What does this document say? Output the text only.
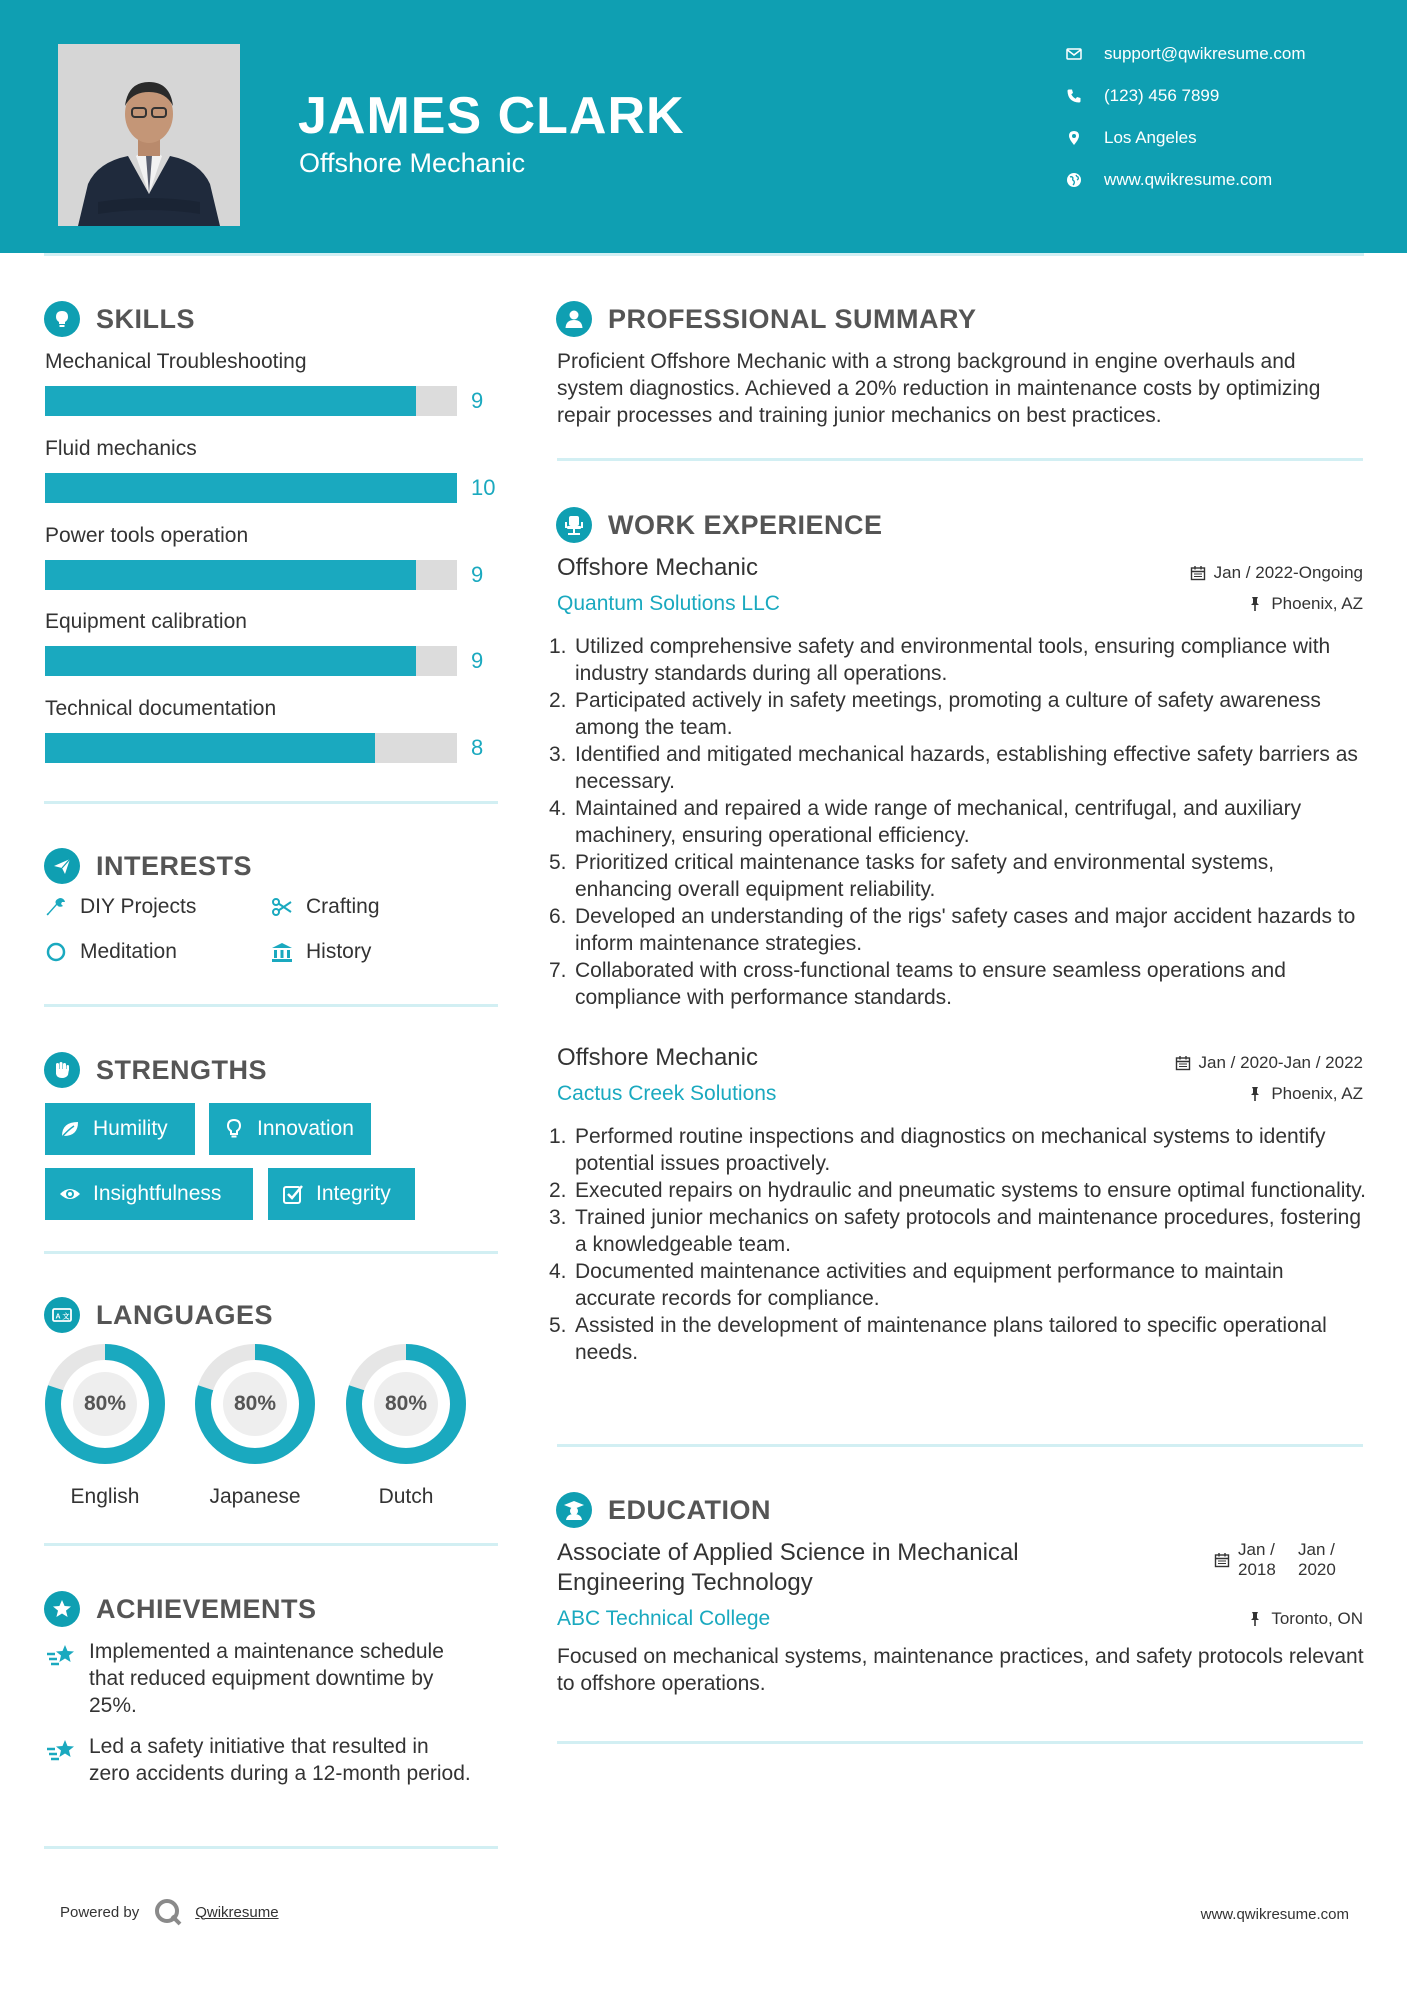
JAMES CLARK
Offshore Mechanic
support@qwikresume.com
(123) 456 7899
Los Angeles
www.qwikresume.com
SKILLS
Mechanical Troubleshooting
9
Fluid mechanics
10
Power tools operation
9
Equipment calibration
9
Technical documentation
8
INTERESTS
DIY Projects	Crafting
Meditation	History
STRENGTHS
Humility	Innovation
Insightfulness	Integrity
A 文 LANGUAGES
80%
English
80%
Japanese
80%
Dutch
ACHIEVEMENTS
Implemented a maintenance schedule that reduced equipment downtime by 25%.
Led a safety initiative that resulted in zero accidents during a 12-month period.
PROFESSIONAL SUMMARY
Proficient Offshore Mechanic with a strong background in engine overhauls and system diagnostics. Achieved a 20% reduction in maintenance costs by optimizing repair processes and training junior mechanics on best practices.
WORK EXPERIENCE
Offshore Mechanic	Jan / 2022-Ongoing
Quantum Solutions LLC	Phoenix, AZ
1. Utilized comprehensive safety and environmental tools, ensuring compliance with industry standards during all operations.
2. Participated actively in safety meetings, promoting a culture of safety awareness among the team.
3. Identified and mitigated mechanical hazards, establishing effective safety barriers as necessary.
4. Maintained and repaired a wide range of mechanical, centrifugal, and auxiliary machinery, ensuring operational efficiency.
5. Prioritized critical maintenance tasks for safety and environmental systems, enhancing overall equipment reliability.
6. Developed an understanding of the rigs' safety cases and major accident hazards to inform maintenance strategies.
7. Collaborated with cross-functional teams to ensure seamless operations and compliance with performance standards.
Offshore Mechanic	Jan / 2020-Jan / 2022
Cactus Creek Solutions	Phoenix, AZ
1. Performed routine inspections and diagnostics on mechanical systems to identify potential issues proactively.
2. Executed repairs on hydraulic and pneumatic systems to ensure optimal functionality.
3. Trained junior mechanics on safety protocols and maintenance procedures, fostering a knowledgeable team.
4. Documented maintenance activities and equipment performance to maintain accurate records for compliance.
5. Assisted in the development of maintenance plans tailored to specific operational needs.
EDUCATION
Associate of Applied Science in Mechanical Engineering Technology
Jan / 2018
Jan / 2020
ABC Technical College	Toronto, ON
Focused on mechanical systems, maintenance practices, and safety protocols relevant to offshore operations.
Powered by	Qwikresume	www.qwikresume.com
